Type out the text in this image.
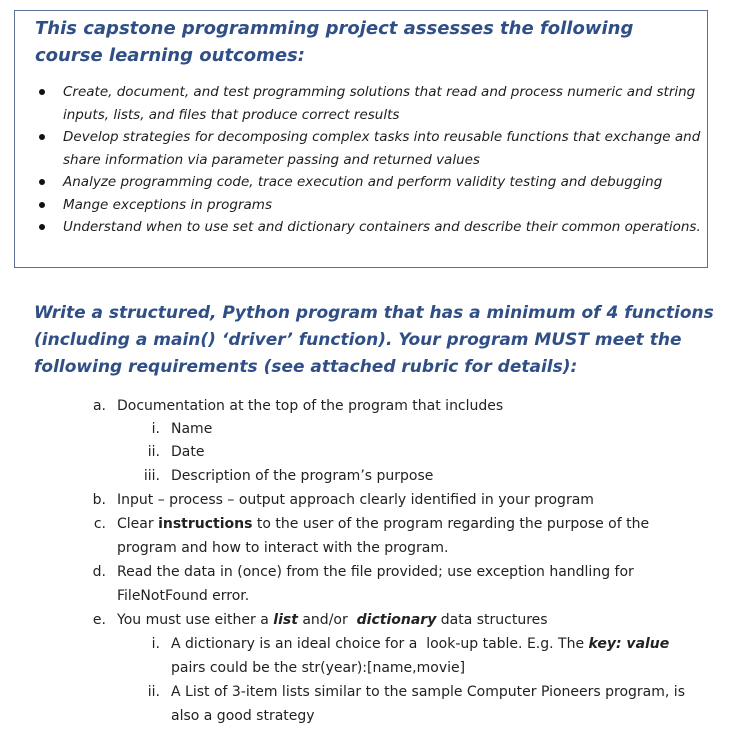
This capstone programming project assesses the following course learning outcomes:
Create, document, and test programming solutions that read and process numeric and string inputs, lists, and files that produce correct results
Develop strategies for decomposing complex tasks into reusable functions that exchange and share information via parameter passing and returned values
Analyze programming code, trace execution and perform validity testing and debugging
Mange exceptions in programs
Understand when to use set and dictionary containers and describe their common operations.
Write a structured, Python program that has a minimum of 4 functions (including a main() ‘driver’ function). Your program MUST meet the following requirements (see attached rubric for details):
a. Documentation at the top of the program that includes
i. Name
ii. Date
iii. Description of the program’s purpose
b. Input – process – output approach clearly identified in your program
c. Clear instructions to the user of the program regarding the purpose of the
program and how to interact with the program.
d. Read the data in (once) from the file provided; use exception handling for
FileNotFound error.
e. You must use either a list and/or  dictionary data structures
i. A dictionary is an ideal choice for a  look-up table. E.g. The key: value
pairs could be the str(year):[name,movie]
ii. A List of 3-item lists similar to the sample Computer Pioneers program, is
also a good strategy
